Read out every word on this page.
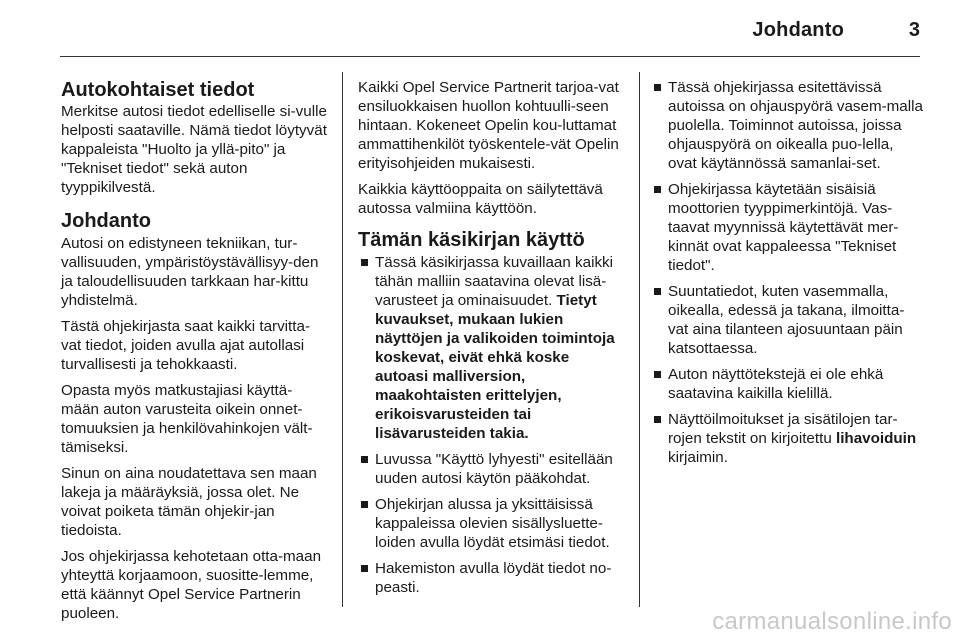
Johdanto	3
Autokohtaiset tiedot

Merkitse autosi tiedot edelliselle si-vulle helposti saataville. Nämä tiedot löytyvät kappaleista "Huolto ja yllä-pito" ja "Tekniset tiedot" sekä auton tyyppikilvestä.

Johdanto

Autosi on edistyneen tekniikan, tur-vallisuuden, ympäristöystävällisyy-den ja taloudellisuuden tarkkaan har-kittu yhdistelmä.

Tästä ohjekirjasta saat kaikki tarvitta-vat tiedot, joiden avulla ajat autollasi turvallisesti ja tehokkaasti.

Opasta myös matkustajiasi käyttä-mään auton varusteita oikein onnet-tomuuksien ja henkilövahinkojen vält-tämiseksi.

Sinun on aina noudatettava sen maan lakeja ja määräyksiä, jossa olet. Ne voivat poiketa tämän ohjekir-jan tiedoista.

Jos ohjekirjassa kehotetaan otta-maan yhteyttä korjaamoon, suositte-lemme, että käännyt Opel Service Partnerin puoleen.

Kaikki Opel Service Partnerit tarjoa-vat ensiluokkaisen huollon kohtuulli-seen hintaan. Kokeneet Opelin kou-luttamat ammattihenkilöt työskentele-vät Opelin erityisohjeiden mukaisesti.

Kaikkia käyttöoppaita on säilytettävä autossa valmiina käyttöön.

Tämän käsikirjan käyttö
Tässä käsikirjassa kuvaillaan kaikki tähän malliin saatavina olevat lisä-varusteet ja ominaisuudet. Tietyt kuvaukset, mukaan lukien näyttöjen ja valikoiden toimintoja koskevat, eivät ehkä koske autoasi malliversion, maakohtaisten erittelyjen, erikoisvarusteiden tai lisävarusteiden takia.
Luvussa "Käyttö lyhyesti" esitellään uuden autosi käytön pääkohdat.
Ohjekirjan alussa ja yksittäisissä kappaleissa olevien sisällysluette-loiden avulla löydät etsimäsi tiedot.
Hakemiston avulla löydät tiedot no-peasti.
Tässä ohjekirjassa esitettävissä autoissa on ohjauspyörä vasem-malla puolella. Toiminnot autoissa, joissa ohjauspyörä on oikealla puo-lella, ovat käytännössä samanlai-set.
Ohjekirjassa käytetään sisäisiä moottorien tyyppimerkintöjä. Vas-taavat myynnissä käytettävät mer-kinnät ovat kappaleessa "Tekniset tiedot".
Suuntatiedot, kuten vasemmalla, oikealla, edessä ja takana, ilmoitta-vat aina tilanteen ajosuuntaan päin katsottaessa.
Auton näyttötekstejä ei ole ehkä saatavina kaikilla kielillä.
Näyttöilmoitukset ja sisätilojen tar-rojen tekstit on kirjoitettu lihavoiduin kirjaimin.
carmanualsonline.info
